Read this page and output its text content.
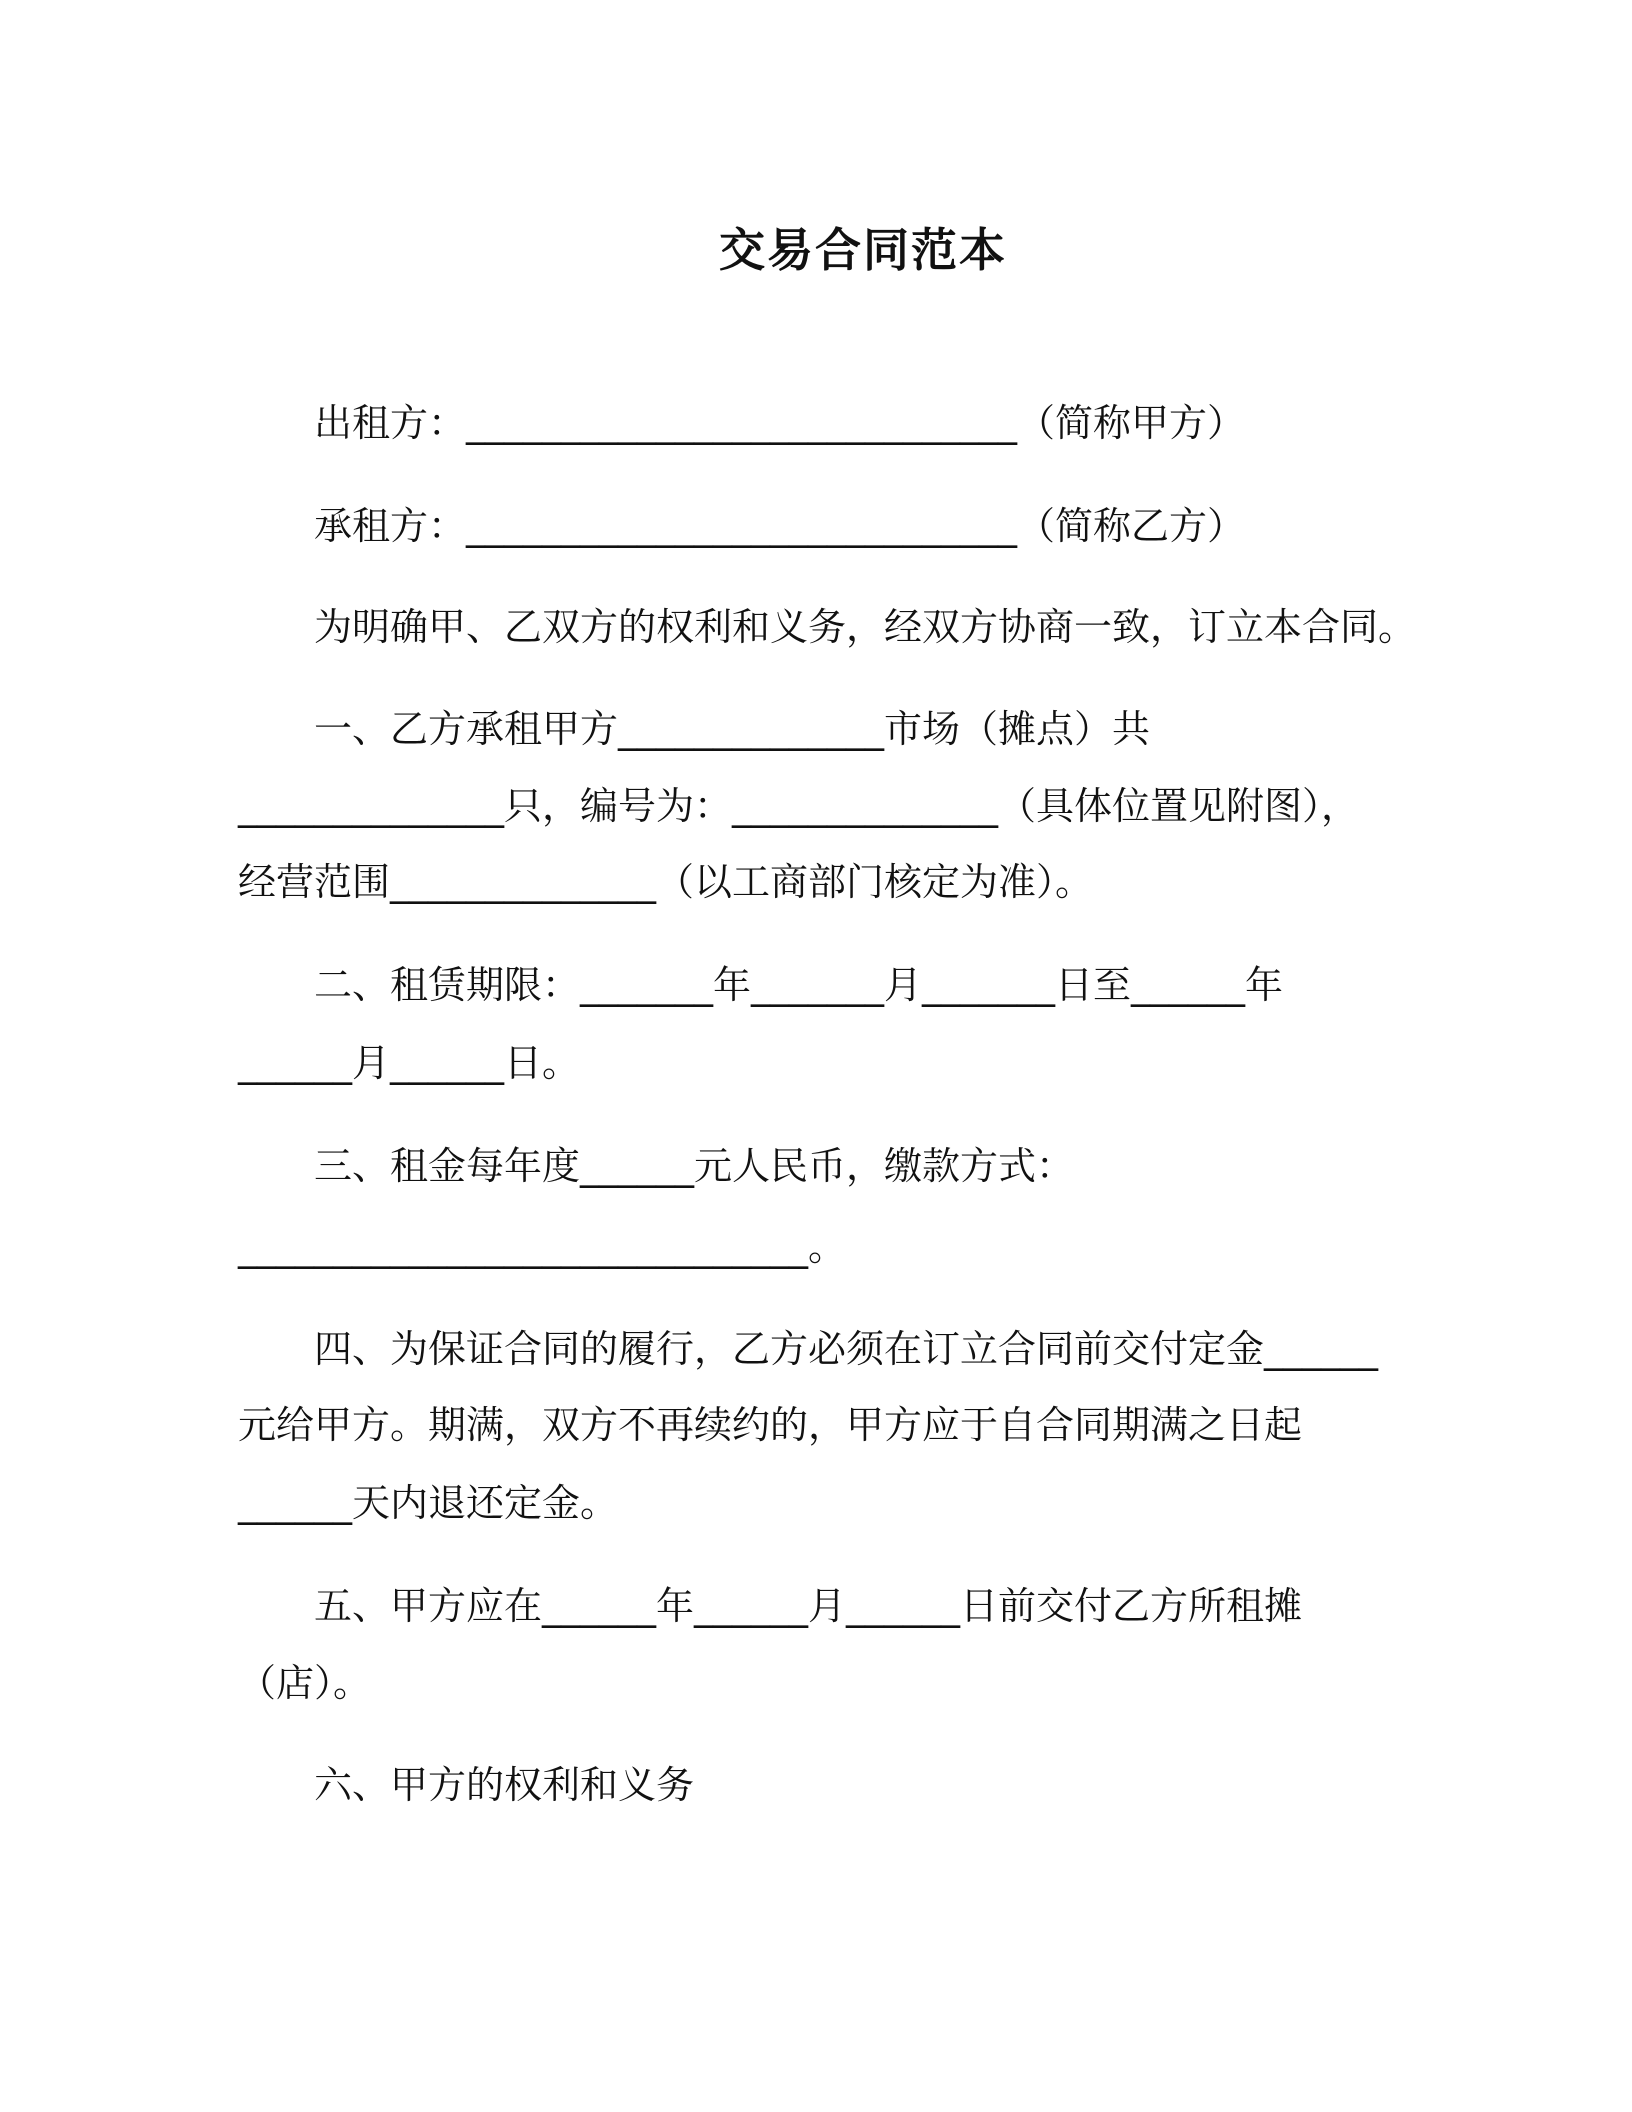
交易合同范本
出租方：_____________________________（简称甲方）
承租方：_____________________________（简称乙方）
为明确甲、乙双方的权利和义务，经双方协商一致，订立本合同。
一、乙方承租甲方______________市场（摊点）共
______________只，编号为：______________（具体位置见附图），
经营范围______________（以工商部门核定为准）。
二、租赁期限：_______年_______月_______日至______年
______月______日。
三、租金每年度______元人民币，缴款方式：
______________________________。
四、为保证合同的履行，乙方必须在订立合同前交付定金______
元给甲方。期满，双方不再续约的，甲方应于自合同期满之日起
______天内退还定金。
五、甲方应在______年______月______日前交付乙方所租摊
（店）。
六、甲方的权利和义务
